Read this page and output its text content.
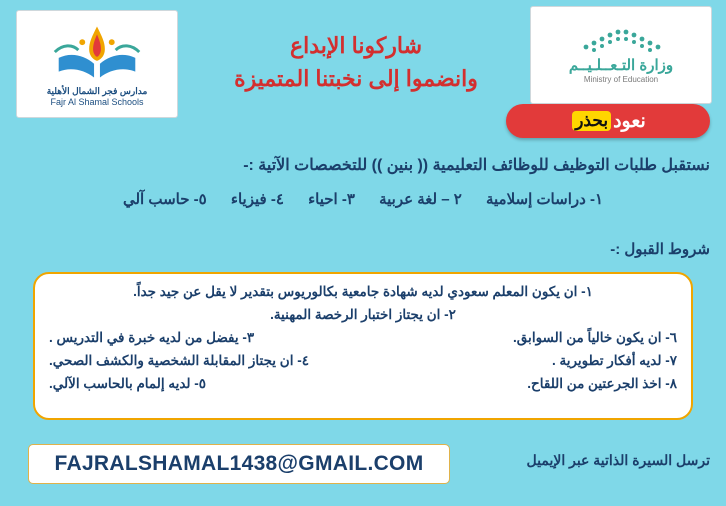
مدارس فجر الشمال الأهلية
Fajr Al Shamal Schools
شاركونا الإبداع
وانضموا إلى نخبتنا المتميزة
وزارة التـعــلـيــم
Ministry of Education
نعود
بحذر
نستقبل طلبات التوظيف للوظائف التعليمية (( بنين )) للتخصصات الآتية :-
١- دراسات إسلامية ٢ – لغة عربية ٣- احياء ٤- فيزياء ٥- حاسب آلي
شروط القبول :-
١- ان يكون المعلم سعودي لديه شهادة جامعية بكالوريوس بتقدير لا يقل عن جيد جداً.
٢- ان يجتاز اختبار الرخصة المهنية.
٣- يفضل من لديه خبرة في التدريس .	٦- ان يكون خالياً من السوابق.
٤- ان يجتاز المقابلة الشخصية والكشف الصحي.	٧- لديه أفكار تطويرية .
٥- لديه إلمام بالحاسب الآلي.	٨- اخذ الجرعتين من اللقاح.
FAJRALSHAMAL1438@GMAIL.COM	ترسل السيرة الذاتية عبر الإيميل
